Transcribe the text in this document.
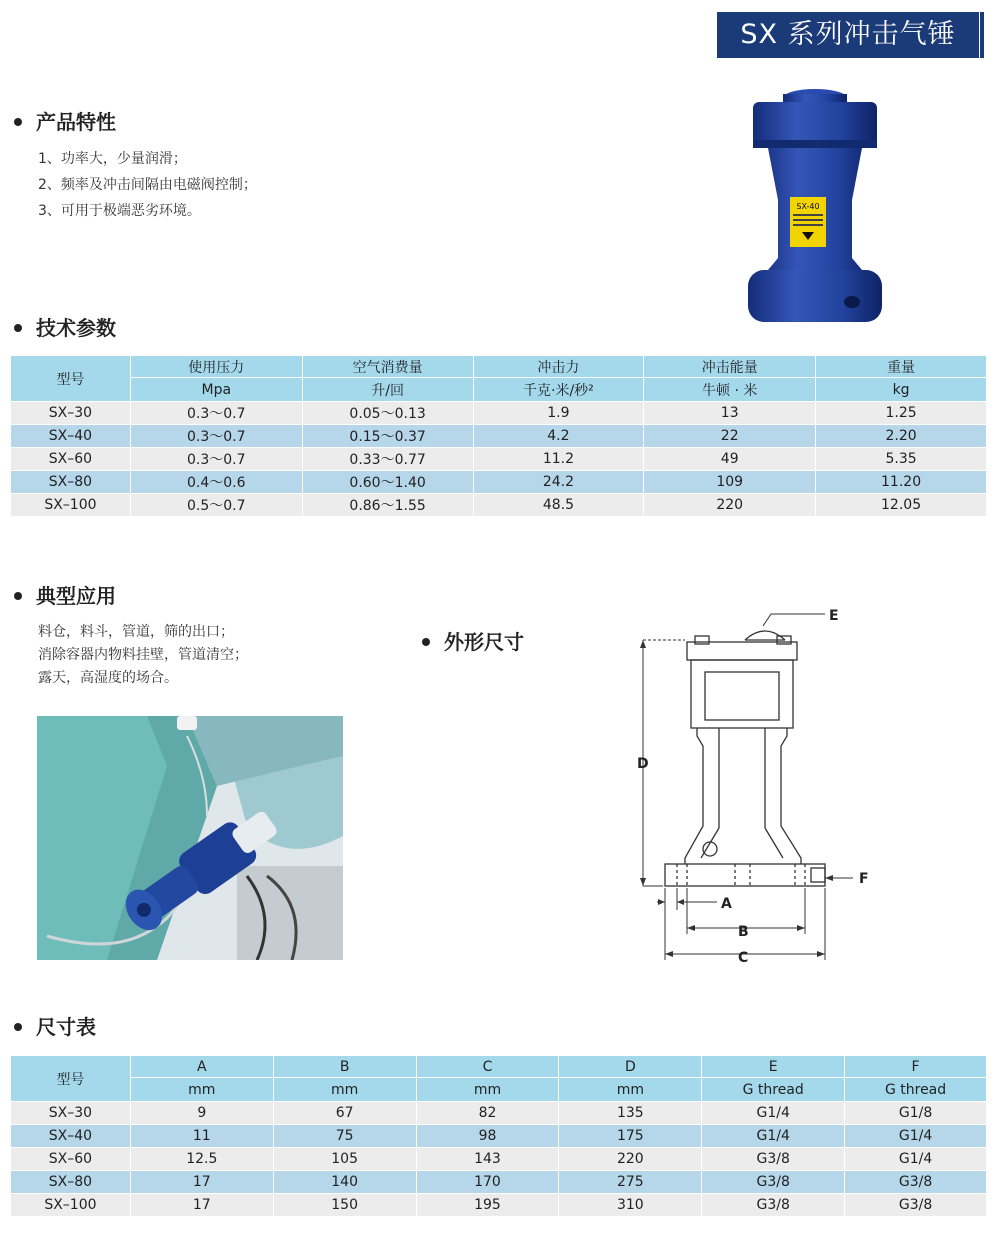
SX 系列冲击气锤
产品特性
1、功率大，少量润滑；
2、频率及冲击间隔由电磁阀控制；
3、可用于极端恶劣环境。	SX-40
技术参数
型号	使用压力	空气消费量	冲击力	冲击能量	重量
	Mpa	升/回	千克·米/秒²	牛顿 · 米	kg
SX–30	0.3～0.7	0.05～0.13	1.9	13	1.25
SX–40	0.3～0.7	0.15～0.37	4.2	22	2.20
SX–60	0.3～0.7	0.33～0.77	11.2	49	5.35
SX–80	0.4～0.6	0.60～1.40	24.2	109	11.20
SX–100	0.5～0.7	0.86～1.55	48.5	220	12.05
典型应用
料仓，料斗，管道，筛的出口；
消除容器内物料挂壁，管道清空；
露天，高湿度的场合。
外形尺寸
E
D
F
A
B
C
尺寸表
型号	A	B	C	D	E	F
	mm	mm	mm	mm	G thread	G thread
SX–30	9	67	82	135	G1/4	G1/8
SX–40	11	75	98	175	G1/4	G1/4
SX–60	12.5	105	143	220	G3/8	G1/4
SX–80	17	140	170	275	G3/8	G3/8
SX–100	17	150	195	310	G3/8	G3/8
